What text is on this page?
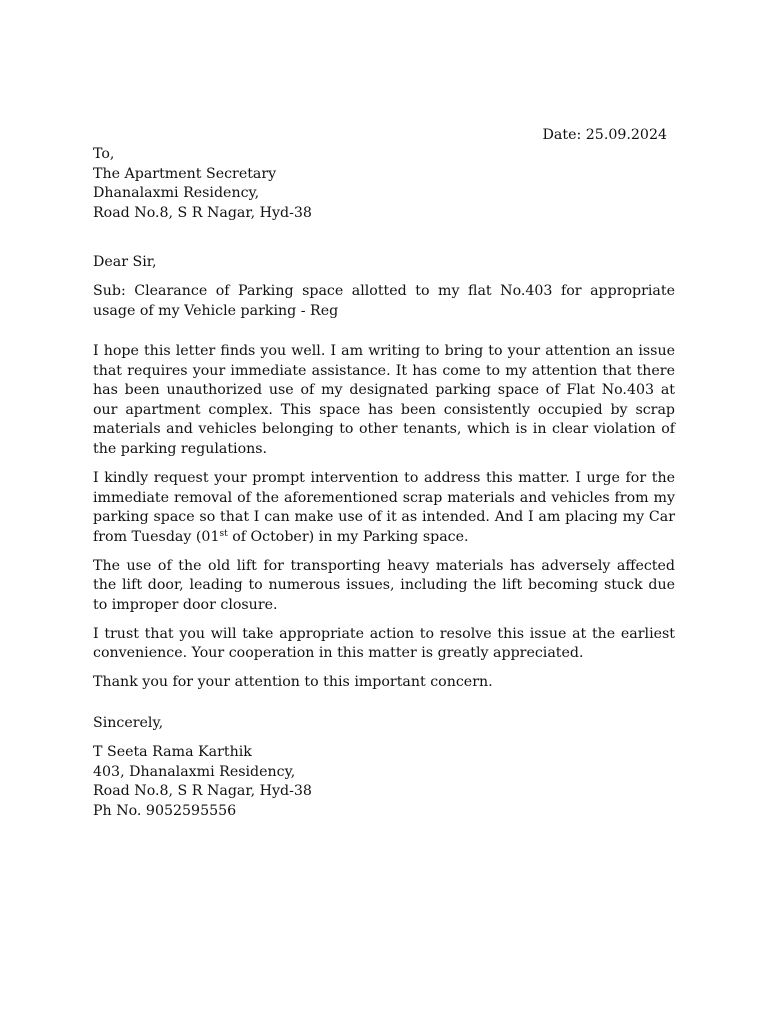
Date: 25.09.2024

To,

The Apartment Secretary

Dhanalaxmi Residency,

Road No.8, S R Nagar, Hyd-38

Dear Sir,
Sub: Clearance of Parking space allotted to my flat No.403 for appropriate usage of my Vehicle parking - Reg

I hope this letter finds you well. I am writing to bring to your attention an issue that requires your immediate assistance. It has come to my attention that there has been unauthorized use of my designated parking space of Flat No.403 at our apartment complex. This space has been consistently occupied by scrap materials and vehicles belonging to other tenants, which is in clear violation of the parking regulations.

I kindly request your prompt intervention to address this matter. I urge for the immediate removal of the aforementioned scrap materials and vehicles from my parking space so that I can make use of it as intended. And I am placing my Car from Tuesday (01st of October) in my Parking space.

The use of the old lift for transporting heavy materials has adversely affected the lift door, leading to numerous issues, including the lift becoming stuck due to improper door closure.

I trust that you will take appropriate action to resolve this issue at the earliest convenience. Your cooperation in this matter is greatly appreciated.

Thank you for your attention to this important concern.

Sincerely,

T Seeta Rama Karthik

403, Dhanalaxmi Residency,

Road No.8, S R Nagar, Hyd-38

Ph No. 9052595556
